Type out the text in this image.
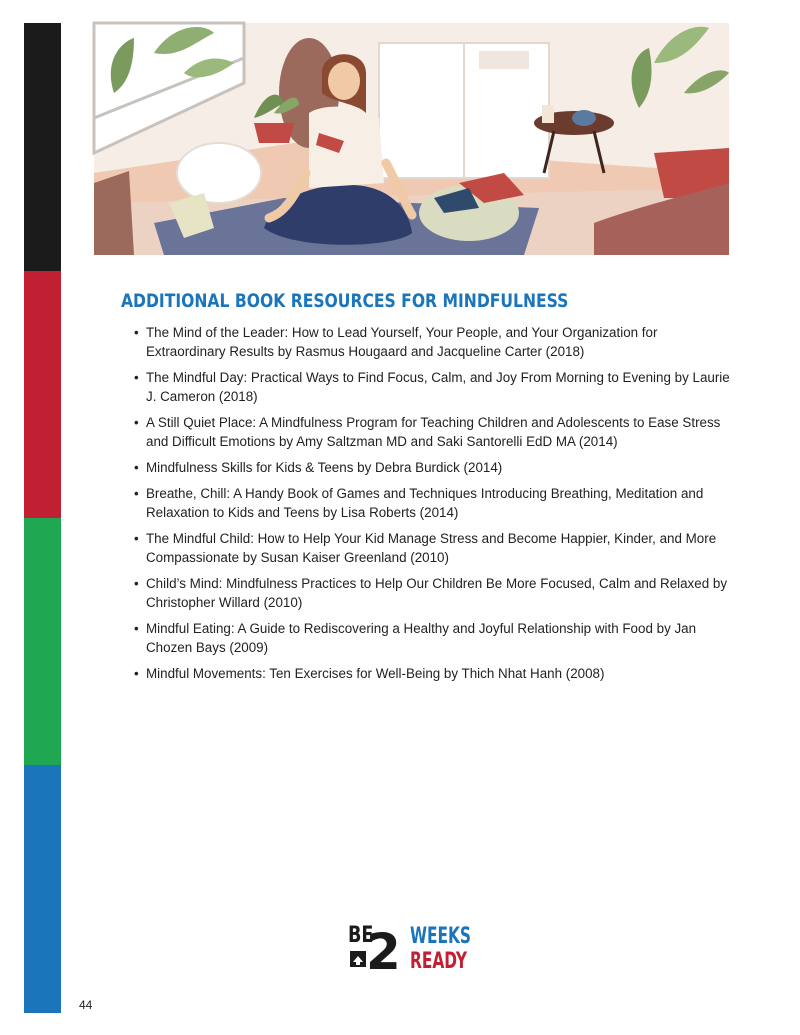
ADDITIONAL BOOK RESOURCES FOR MINDFULNESS
• The Mind of the Leader: How to Lead Yourself, Your People, and Your Organization for Extraordinary Results by Rasmus Hougaard and Jacqueline Carter (2018)
• The Mindful Day: Practical Ways to Find Focus, Calm, and Joy From Morning to Evening by Laurie J. Cameron (2018)
• A Still Quiet Place: A Mindfulness Program for Teaching Children and Adolescents to Ease Stress and Difficult Emotions by Amy Saltzman MD and Saki Santorelli EdD MA (2014)
• Mindfulness Skills for Kids & Teens by Debra Burdick (2014)
• Breathe, Chill: A Handy Book of Games and Techniques Introducing Breathing, Meditation and Relaxation to Kids and Teens by Lisa Roberts (2014)
• The Mindful Child: How to Help Your Kid Manage Stress and Become Happier, Kinder, and More Compassionate by Susan Kaiser Greenland (2010)
• Child’s Mind: Mindfulness Practices to Help Our Children Be More Focused, Calm and Relaxed by Christopher Willard (2010)
• Mindful Eating: A Guide to Rediscovering a Healthy and Joyful Relationship with Food by Jan Chozen Bays (2009)
• Mindful Movements: Ten Exercises for Well-Being by Thich Nhat Hanh (2008)
BE
2 WEEKS
READY
44
